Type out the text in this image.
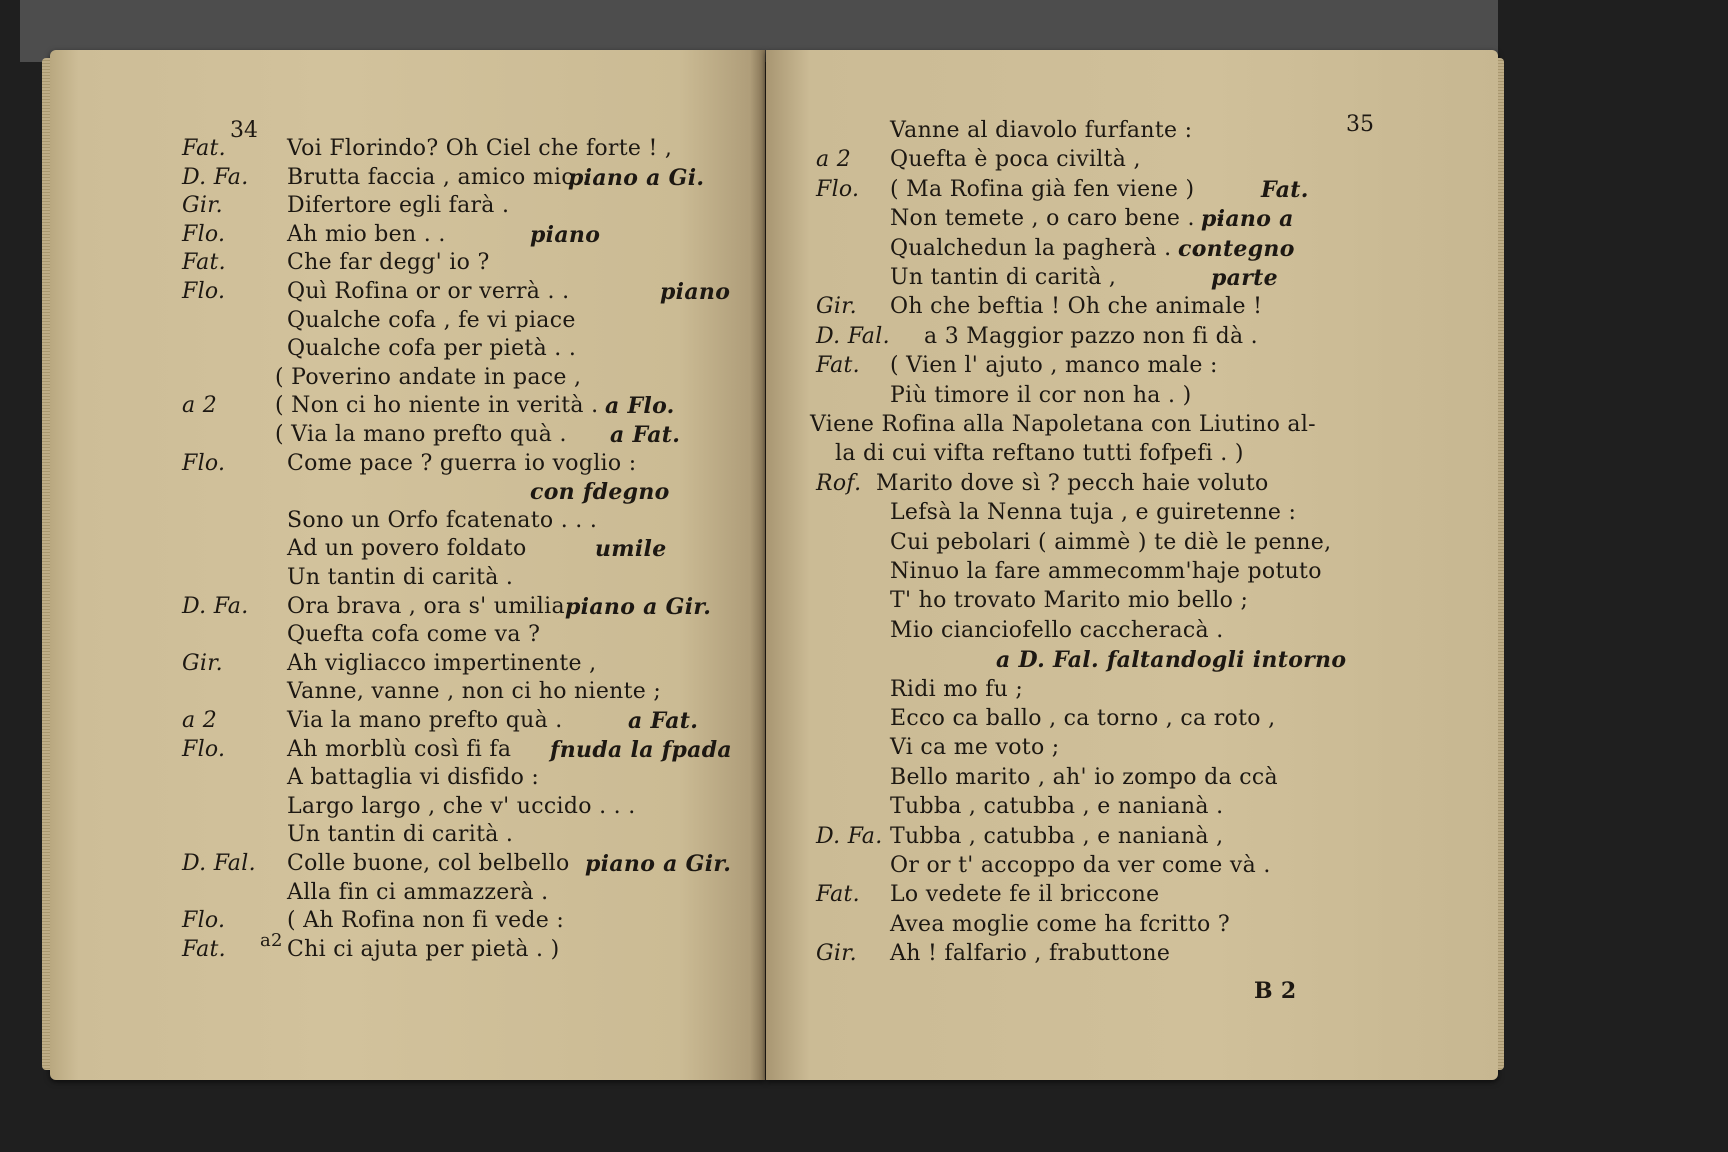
34
Fat.	Voi Florindo? Oh Ciel che forte ! ,
D. Fa. Brutta faccia , amico mio .
piano a Gi.
Gir.	Difertore egli farà .
Flo.	Ah mio ben . .	piano
Fat.	Che far degg' io ?
Flo.	Quì Rofina or or verrà . .	piano
Qualche cofa , fe vi piace
Qualche cofa per pietà . .
( Poverino andate in pace ,
a 2	( Non ci ho niente in verità . a Flo.
( Via la mano prefto quà . a Fat.
Flo.	Come pace ? guerra io voglio :
con fdegno
Sono un Orfo fcatenato . . .
Ad un povero foldato	umile
Un tantin di carità .
D. Fa. Ora brava , ora s' umilia piano a Gir.
Quefta cofa come va ?
Gir.	Ah vigliacco impertinente ,
Vanne, vanne , non ci ho niente ;
a 2	Via la mano prefto quà .	a Fat.
Flo.	Ah morblù così fi fa fnuda la fpada
A battaglia vi disfido :
Largo largo , che v' uccido . . .
Un tantin di carità .
D. Fal. Colle buone, col belbello piano a Gir.
Alla fin ci ammazzerà .
Flo.	( Ah Rofina non fi vede :
Fat.	Chi ci ajuta per pietà . )
a2
35
Vanne al diavolo furfante :
a 2 Quefta è poca civiltà ,
Flo. ( Ma Rofina già fen viene )	Fat.
Non temete , o caro bene . . -
piano a
Qualchedun la pagherà . . .
contegno
Un tantin di carità ,	parte
Gir. Oh che beftia ! Oh che animale !
D. Fal. a 3 Maggior pazzo non fi dà .
Fat. ( Vien l' ajuto , manco male :
Più timore il cor non ha . )
Viene Rofina alla Napoletana con Liutino al-
la di cui vifta reftano tutti fofpefi . )
Rof. Marito dove sì ? pecch haie voluto
Lefsà la Nenna tuja , e guiretenne :
Cui pebolari ( aimmè ) te diè le penne,
Ninuo la fare ammecomm'haje potuto
T' ho trovato Marito mio bello ;
Mio cianciofello caccheracà .
a D. Fal. faltandogli intorno
Ridi mo fu ;
Ecco ca ballo , ca torno , ca roto ,
Vi ca me voto ;
Bello marito , ah' io zompo da ccà
Tubba , catubba , e nanianà .
D. Fa. Tubba , catubba , e nanianà ,
Or or t' accoppo da ver come và .
Fat. Lo vedete fe il briccone
Avea moglie come ha fcritto ?
Gir. Ah ! falfario , frabuttone
B 2
